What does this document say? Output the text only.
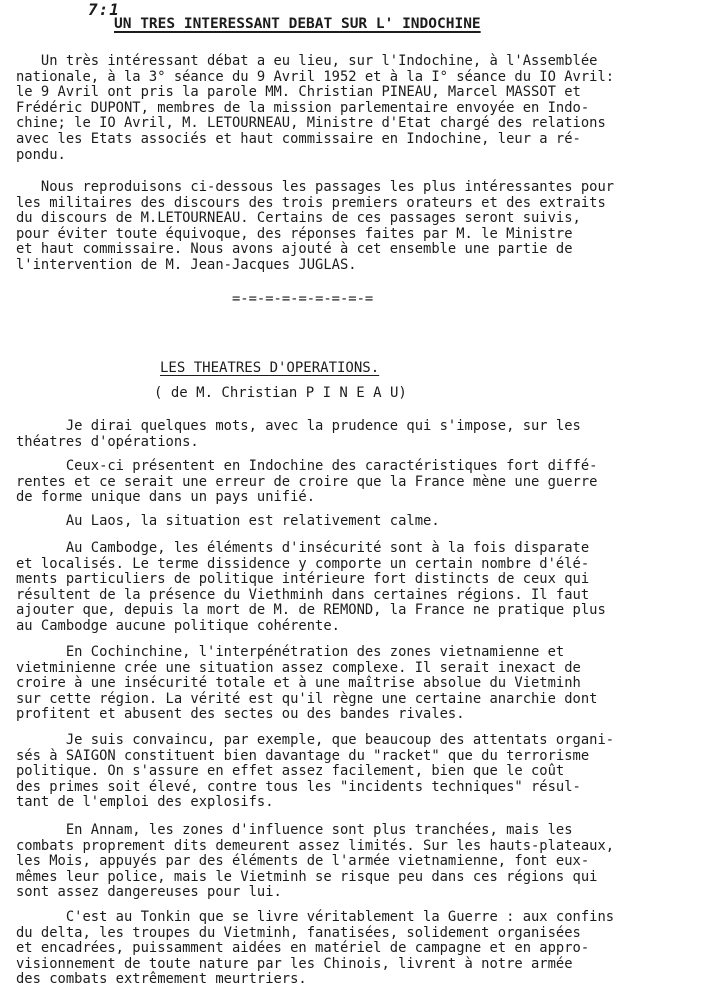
7:1
UN TRES INTERESSANT DEBAT SUR L' INDOCHINE

Un très intéressant débat a eu lieu, sur l'Indochine, à l'Assemblée
nationale, à la 3° séance du 9 Avril 1952 et à la I° séance du IO Avril:
le 9 Avril ont pris la parole MM. Christian PINEAU, Marcel MASSOT et
Frédéric DUPONT, membres de la mission parlementaire envoyée en Indo-
chine; le IO Avril, M. LETOURNEAU, Ministre d'Etat chargé des relations
avec les Etats associés et haut commissaire en Indochine, leur a ré-
pondu.

Nous reproduisons ci-dessous les passages les plus intéressantes pour
les militaires des discours des trois premiers orateurs et des extraits
du discours de M.LETOURNEAU. Certains de ces passages seront suivis,
pour éviter toute équivoque, des réponses faites par M. le Ministre
et haut commissaire. Nous avons ajouté à cet ensemble une partie de
l'intervention de M. Jean-Jacques JUGLAS.

=-=-=-=-=-=-=-=-=
LES THEATRES D'OPERATIONS.
( de M. Christian P I N E A U)

Je dirai quelques mots, avec la prudence qui s'impose, sur les
théatres d'opérations.

Ceux-ci présentent en Indochine des caractéristiques fort diffé-
rentes et ce serait une erreur de croire que la France mène une guerre
de forme unique dans un pays unifié.

Au Laos, la situation est relativement calme.

Au Cambodge, les éléments d'insécurité sont à la fois disparate
et localisés. Le terme dissidence y comporte un certain nombre d'élé-
ments particuliers de politique intérieure fort distincts de ceux qui
résultent de la présence du Viethminh dans certaines régions. Il faut
ajouter que, depuis la mort de M. de REMOND, la France ne pratique plus
au Cambodge aucune politique cohérente.

En Cochinchine, l'interpénétration des zones vietnamienne et
vietminienne crée une situation assez complexe. Il serait inexact de
croire à une insécurité totale et à une maîtrise absolue du Vietminh
sur cette région. La vérité est qu'il règne une certaine anarchie dont
profitent et abusent des sectes ou des bandes rivales.

Je suis convaincu, par exemple, que beaucoup des attentats organi-
sés à SAIGON constituent bien davantage du "racket" que du terrorisme
politique. On s'assure en effet assez facilement, bien que le coût
des primes soit élevé, contre tous les "incidents techniques" résul-
tant de l'emploi des explosifs.

En Annam, les zones d'influence sont plus tranchées, mais les
combats proprement dits demeurent assez limités. Sur les hauts-plateaux,
les Mois, appuyés par des éléments de l'armée vietnamienne, font eux-
mêmes leur police, mais le Vietminh se risque peu dans ces régions qui
sont assez dangereuses pour lui.

C'est au Tonkin que se livre véritablement la Guerre : aux confins
du delta, les troupes du Vietminh, fanatisées, solidement organisées
et encadrées, puissamment aidées en matériel de campagne et en appro-
visionnement de toute nature par les Chinois, livrent à notre armée
des combats extrêmement meurtriers.
